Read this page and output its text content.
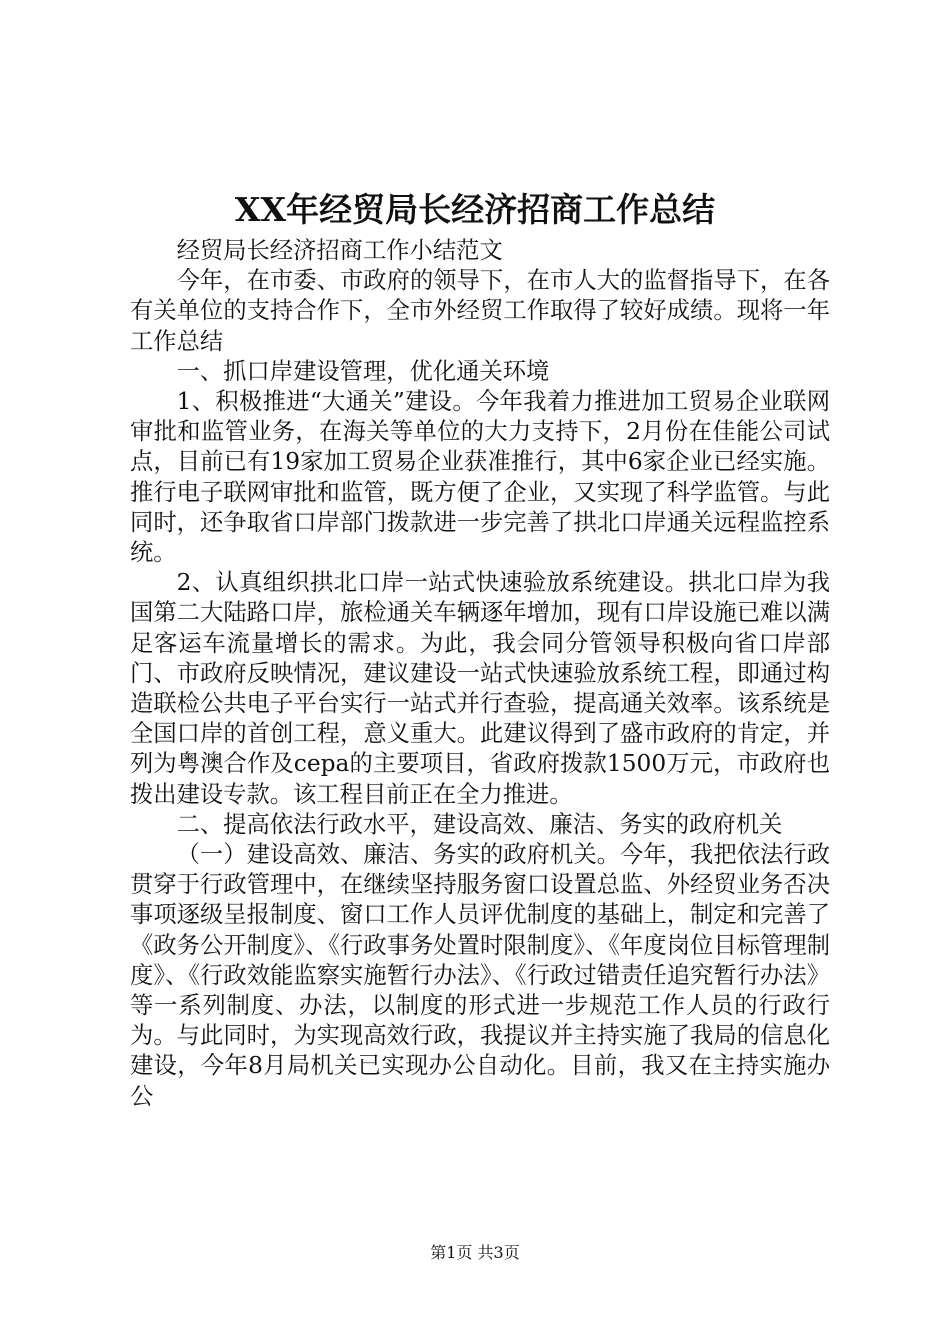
XX年经贸局长经济招商工作总结

经贸局长经济招商工作小结范文

今年，在市委、市政府的领导下，在市人大的监督指导下，在各有关单位的支持合作下，全市外经贸工作取得了较好成绩。现将一年工作总结

一、抓口岸建设管理，优化通关环境

1、积极推进“大通关”建设。今年我着力推进加工贸易企业联网审批和监管业务，在海关等单位的大力支持下，2月份在佳能公司试点，目前已有19家加工贸易企业获准推行，其中6家企业已经实施。推行电子联网审批和监管，既方便了企业，又实现了科学监管。与此同时，还争取省口岸部门拨款进一步完善了拱北口岸通关远程监控系统。

2、认真组织拱北口岸一站式快速验放系统建设。拱北口岸为我国第二大陆路口岸，旅检通关车辆逐年增加，现有口岸设施已难以满足客运车流量增长的需求。为此，我会同分管领导积极向省口岸部门、市政府反映情况，建议建设一站式快速验放系统工程，即通过构造联检公共电子平台实行一站式并行查验，提高通关效率。该系统是全国口岸的首创工程，意义重大。此建议得到了盛市政府的肯定，并列为粤澳合作及cepa的主要项目，省政府拨款1500万元，市政府也拨出建设专款。该工程目前正在全力推进。

二、提高依法行政水平，建设高效、廉洁、务实的政府机关

（一）建设高效、廉洁、务实的政府机关。今年，我把依法行政贯穿于行政管理中，在继续坚持服务窗口设置总监、外经贸业务否决事项逐级呈报制度、窗口工作人员评优制度的基础上，制定和完善了《政务公开制度》、《行政事务处置时限制度》、《年度岗位目标管理制度》、《行政效能监察实施暂行办法》、《行政过错责任追究暂行办法》等一系列制度、办法，以制度的形式进一步规范工作人员的行政行为。与此同时，为实现高效行政，我提议并主持实施了我局的信息化建设，今年8月局机关已实现办公自动化。目前，我又在主持实施办公

第1页 共3页
